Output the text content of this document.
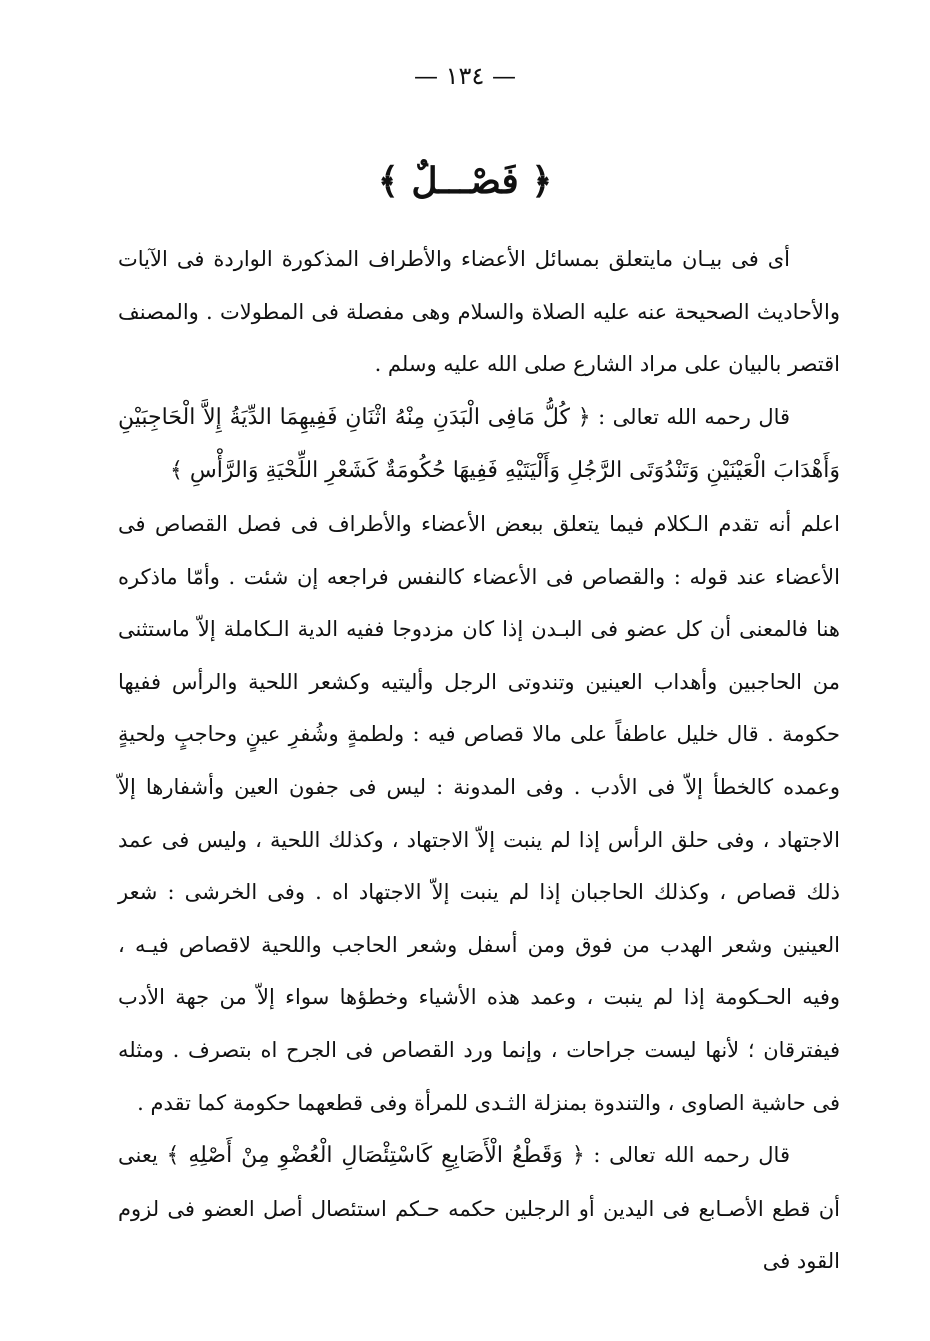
— ١٣٤ —
﴿ فَصْـــلٌ ﴾

أى فى بيـان مايتعلق بمسائل الأعضاء والأطراف المذكورة الواردة فى الآيات والأحاديث الصحيحة عنه عليه الصلاة والسلام وهى مفصلة فى المطولات . والمصنف اقتصر بالبيان على مراد الشارع صلى الله عليه وسلم .

قال رحمه الله تعالى : ﴿ كُلُّ مَافِى الْبَدَنِ مِنْهُ اثْنَانِ فَفِيهِمَا الدِّيَةُ إِلاَّ الْحَاجِبَيْنِ وَأَهْدَابَ الْعَيْنَيْنِ وَتَنْدُوَتَى الرَّجُلِ وَأَلْيَتَيْهِ فَفِيهَا حُكُومَةٌ كَشَعْرِ اللِّحْيَةِ وَالرَّأْسِ ﴾

اعلم أنه تقدم الـكلام فيما يتعلق ببعض الأعضاء والأطراف فى فصل القصاص فى الأعضاء عند قوله : والقصاص فى الأعضاء كالنفس فراجعه إن شئت . وأمّا ماذكره هنا فالمعنى أن كل عضو فى البـدن إذا كان مزدوجا ففيه الدية الـكاملة إلاّ ماستثنى من الحاجبين وأهداب العينين وتندوتى الرجل وأليتيه وكشعر اللحية والرأس ففيها حكومة . قال خليل عاطفاً على مالا قصاص فيه : ولطمةٍ وشُفرِ عينٍ وحاجبٍ ولحيةٍ وعمده كالخطأ إلاّ فى الأدب . وفى المدونة : ليس فى جفون العين وأشفارها إلاّ الاجتهاد ، وفى حلق الرأس إذا لم ينبت إلاّ الاجتهاد ، وكذلك اللحية ، وليس فى عمد ذلك قصاص ، وكذلك الحاجبان إذا لم ينبت إلاّ الاجتهاد اه . وفى الخرشى : شعر العينين وشعر الهدب من فوق ومن أسفل وشعر الحاجب واللحية لاقصاص فيـه ، وفيه الحـكومة إذا لم ينبت ، وعمد هذه الأشياء وخطؤها سواء إلاّ من جهة الأدب فيفترقان ؛ لأنها ليست جراحات ، وإنما ورد القصاص فى الجرح اه بتصرف . ومثله فى حاشية الصاوى ، والتندوة بمنزلة الثـدى للمرأة وفى قطعهما حكومة كما تقدم .

قال رحمه الله تعالى : ﴿ وَقَطْعُ الْأَصَابِعِ كَاسْتِئْصَالِ الْعُضْوِ مِنْ أَصْلِهِ ﴾ يعنى أن قطع الأصـابع فى اليدين أو الرجلين حكمه حـكم استئصال أصل العضو فى لزوم القود فى
